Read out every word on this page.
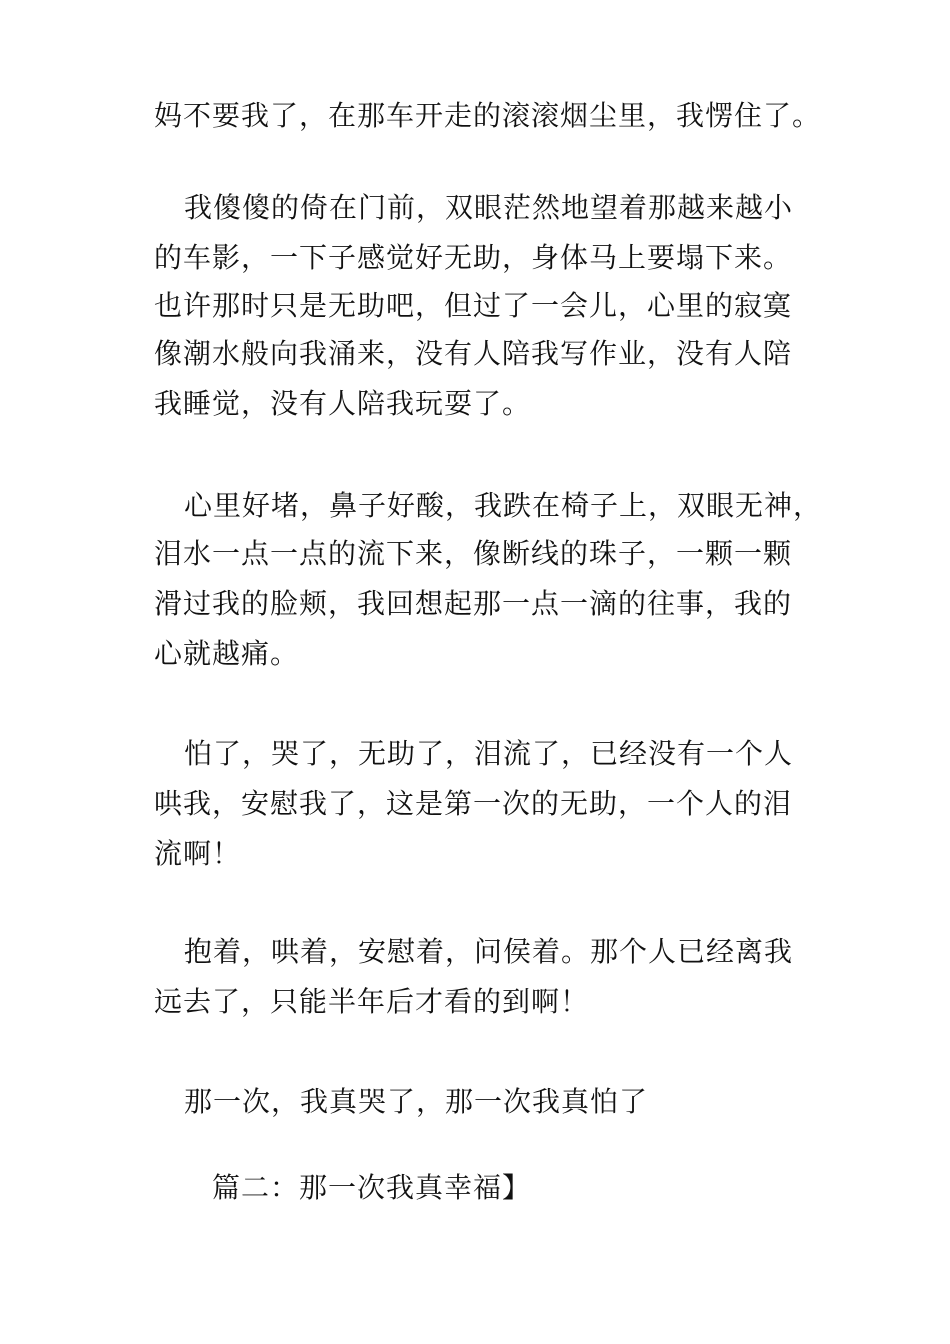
妈不要我了，在那车开走的滚滚烟尘里，我愣住了。
我傻傻的倚在门前，双眼茫然地望着那越来越小
的车影，一下子感觉好无助，身体马上要塌下来。
也许那时只是无助吧，但过了一会儿，心里的寂寞
像潮水般向我涌来，没有人陪我写作业，没有人陪
我睡觉，没有人陪我玩耍了。
心里好堵，鼻子好酸，我跌在椅子上，双眼无神，
泪水一点一点的流下来，像断线的珠子，一颗一颗
滑过我的脸颊，我回想起那一点一滴的往事，我的
心就越痛。
怕了，哭了，无助了，泪流了，已经没有一个人
哄我，安慰我了，这是第一次的无助，一个人的泪
流啊！
抱着，哄着，安慰着，问侯着。那个人已经离我
远去了，只能半年后才看的到啊！
那一次，我真哭了，那一次我真怕了
篇二：那一次我真幸福】
